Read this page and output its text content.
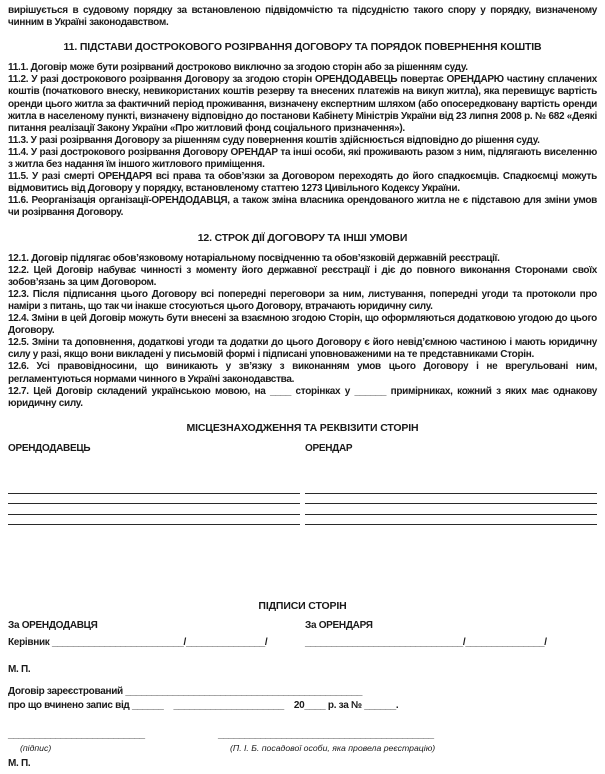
вирішується в судовому порядку за встановленою підвідомчістю та підсудністю такого спору у порядку, визначеному чинним в Україні законодавством.

11. ПІДСТАВИ ДОСТРОКОВОГО РОЗІРВАННЯ ДОГОВОРУ ТА ПОРЯДОК ПОВЕРНЕННЯ КОШТІВ

11.1. Договір може бути розірваний достроково виключно за згодою сторін або за рішенням суду.

11.2. У разі дострокового розірвання Договору за згодою сторін ОРЕНДОДАВЕЦЬ повертає ОРЕНДАРЮ частину сплачених коштів (початкового внеску, невикористаних коштів резерву та внесених платежів на викуп житла), яка перевищує вартість оренди цього житла за фактичний період проживання, визначену експертним шляхом (або опосередковану вартість оренди житла в населеному пункті, визначену відповідно до постанови Кабінету Міністрів України від 23 липня 2008 р. № 682 «Деякі питання реалізації Закону України «Про житловий фонд соціального призначення»).

11.3. У разі розірвання Договору за рішенням суду повернення коштів здійснюється відповідно до рішення суду.

11.4. У разі дострокового розірвання Договору ОРЕНДАР та інші особи, які проживають разом з ним, підлягають виселенню з житла без надання їм іншого житлового приміщення.

11.5. У разі смерті ОРЕНДАРЯ всі права та обов’язки за Договором переходять до його спадкоємців. Спадкоємці можуть відмовитись від Договору у порядку, встановленому статтею 1273 Цивільного Кодексу України.

11.6. Реорганізація організації-ОРЕНДОДАВЦЯ, а також зміна власника орендованого житла не є підставою для зміни умов чи розірвання Договору.

12. СТРОК ДІЇ ДОГОВОРУ ТА ІНШІ УМОВИ

12.1. Договір підлягає обов’язковому нотаріальному посвідченню та обов’язковій державній реєстрації.

12.2. Цей Договір набуває чинності з моменту його державної реєстрації і діє до повного виконання Сторонами своїх зобов’язань за цим Договором.

12.3. Після підписання цього Договору всі попередні переговори за ним, листування, попередні угоди та протоколи про наміри з питань, що так чи інакше стосуються цього Договору, втрачають юридичну силу.

12.4. Зміни в цей Договір можуть бути внесені за взаємною згодою Сторін, що оформляються додатковою угодою до цього Договору.

12.5. Зміни та доповнення, додаткові угоди та додатки до цього Договору є його невід’ємною частиною і мають юридичну силу у разі, якщо вони викладені у письмовій формі і підписані уповноваженими на те представниками Сторін.

12.6. Усі правовідносини, що виникають у зв’язку з виконанням умов цього Договору і не врегульовані ним, регламентуються нормами чинного в Україні законодавства.

12.7. Цей Договір складений українською мовою, на ____ сторінках у ______ примірниках, кожний з яких має однакову юридичну силу.

МІСЦЕЗНАХОДЖЕННЯ ТА РЕКВІЗИТИ СТОРІН
ОРЕНДОДАВЕЦЬ	ОРЕНДАР
ПІДПИСИ СТОРІН
За ОРЕНДОДАВЦЯ
Керівник _________________________/_______________/
М. П.
За ОРЕНДАРЯ
______________________________/_______________/
Договір зареєстрований _____________________________________________
про що вчинено запис від ______    _____________________    20____ р. за № ______.
__________________________	_________________________________________
(підпис)	(П. І. Б. посадової особи, яка провела реєстрацію)
М. П.
